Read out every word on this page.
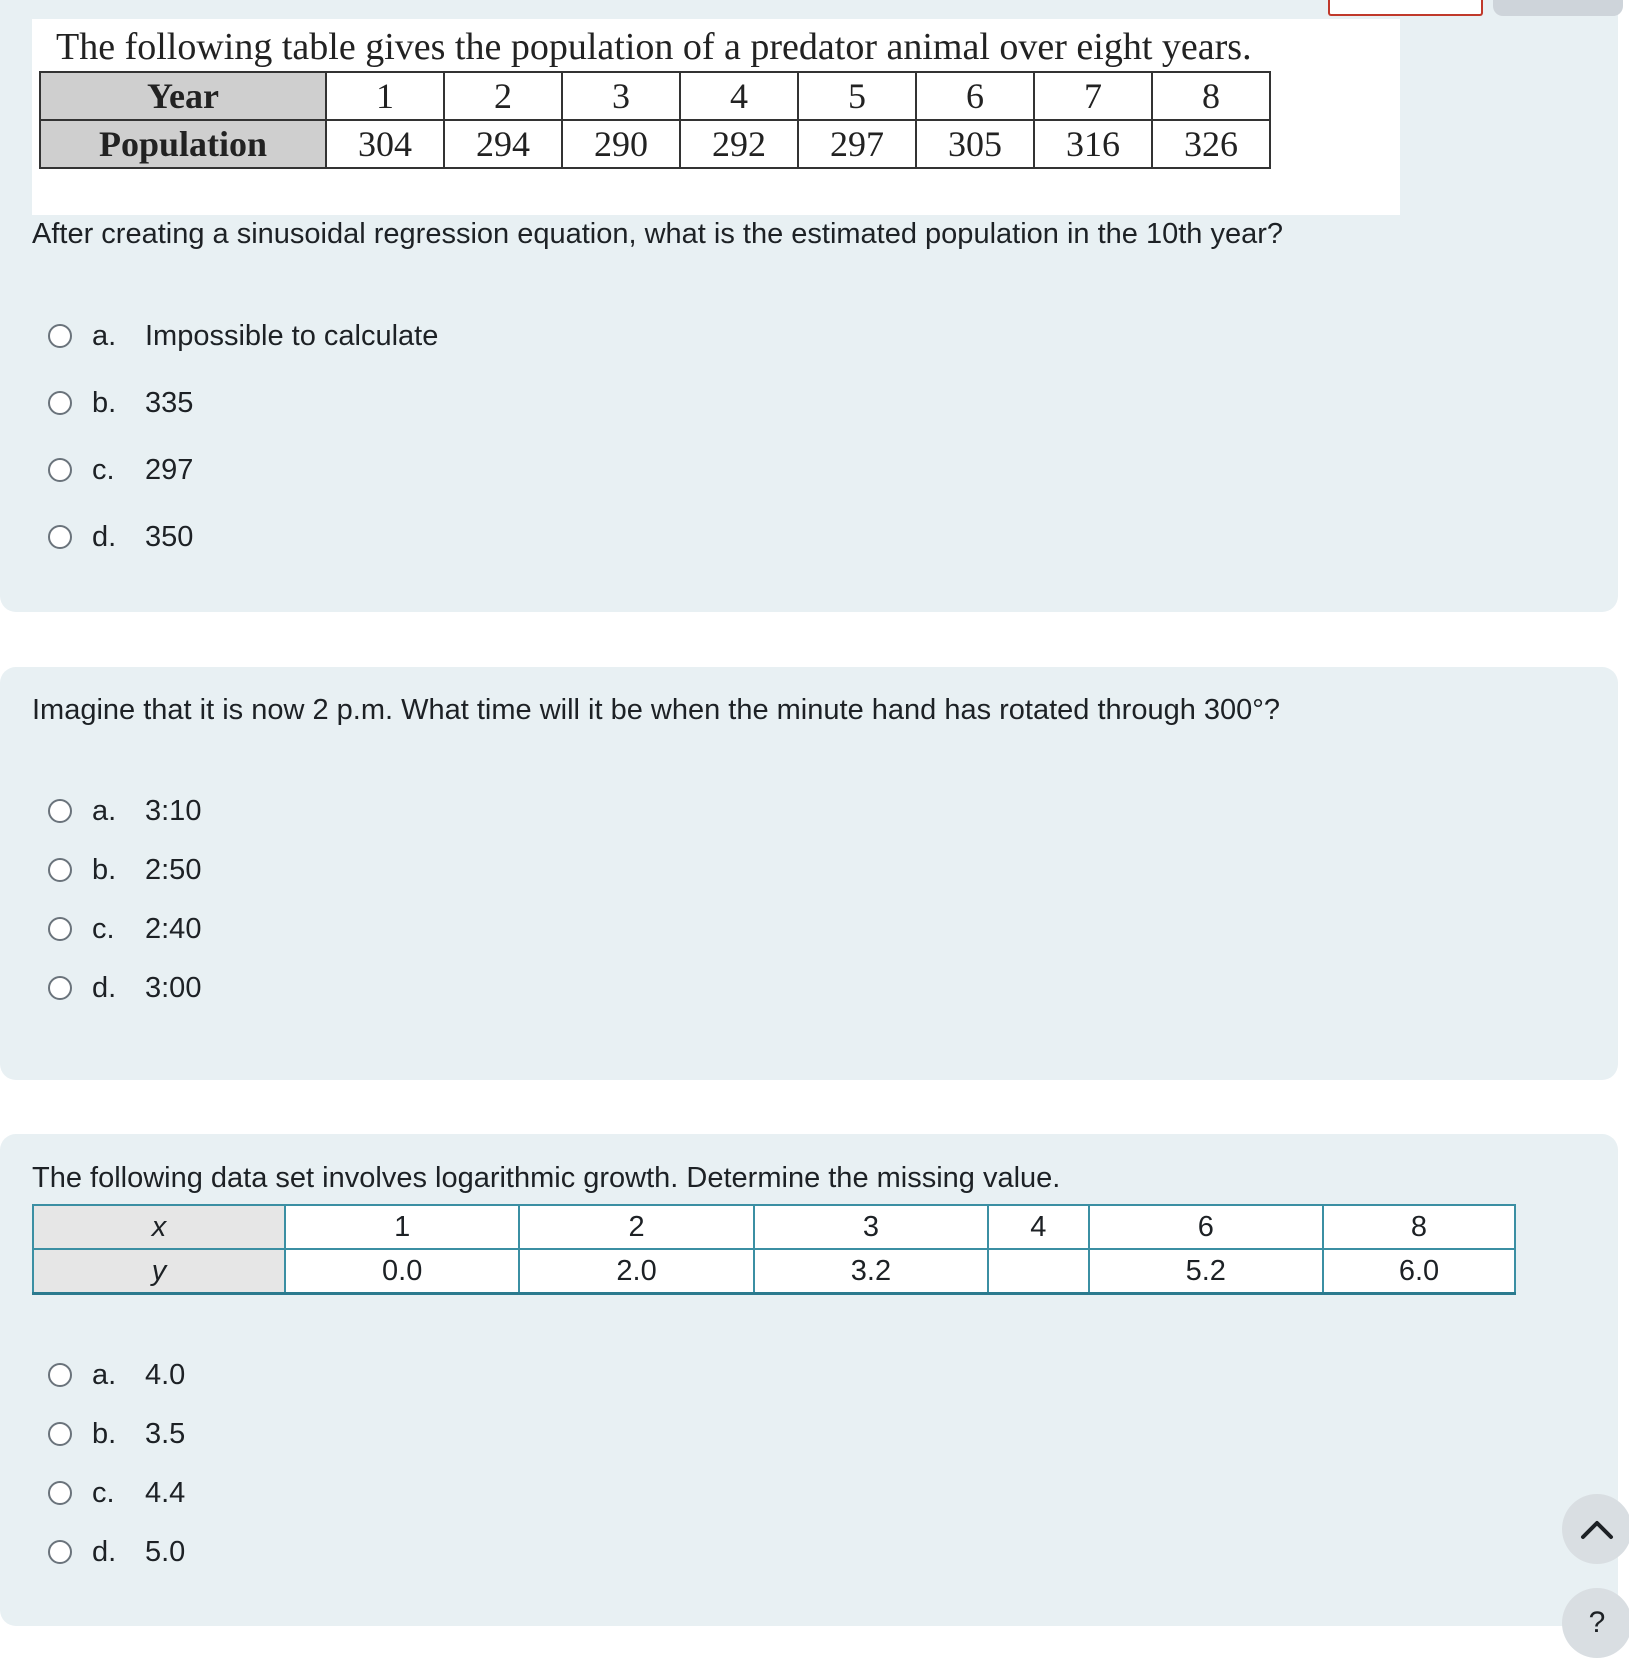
The following table gives the population of a predator animal over eight years.
Year	1	2	3	4	5	6	7	8
Population	304	294	290	292	297	305	316	326
After creating a sinusoidal regression equation, what is the estimated population in the 10th year?
a. Impossible to calculate
b. 335
c.	297
d. 350
Imagine that it is now 2 p.m. What time will it be when the minute hand has rotated through 300°?
a. 3:10
b. 2:50
c.	2:40
d. 3:00
The following data set involves logarithmic growth. Determine the missing value.
x	1	2	3	4	6	8
y	0.0	2.0	3.2		5.2	6.0
a. 4.0
b. 3.5
c.	4.4
d. 5.0
?
